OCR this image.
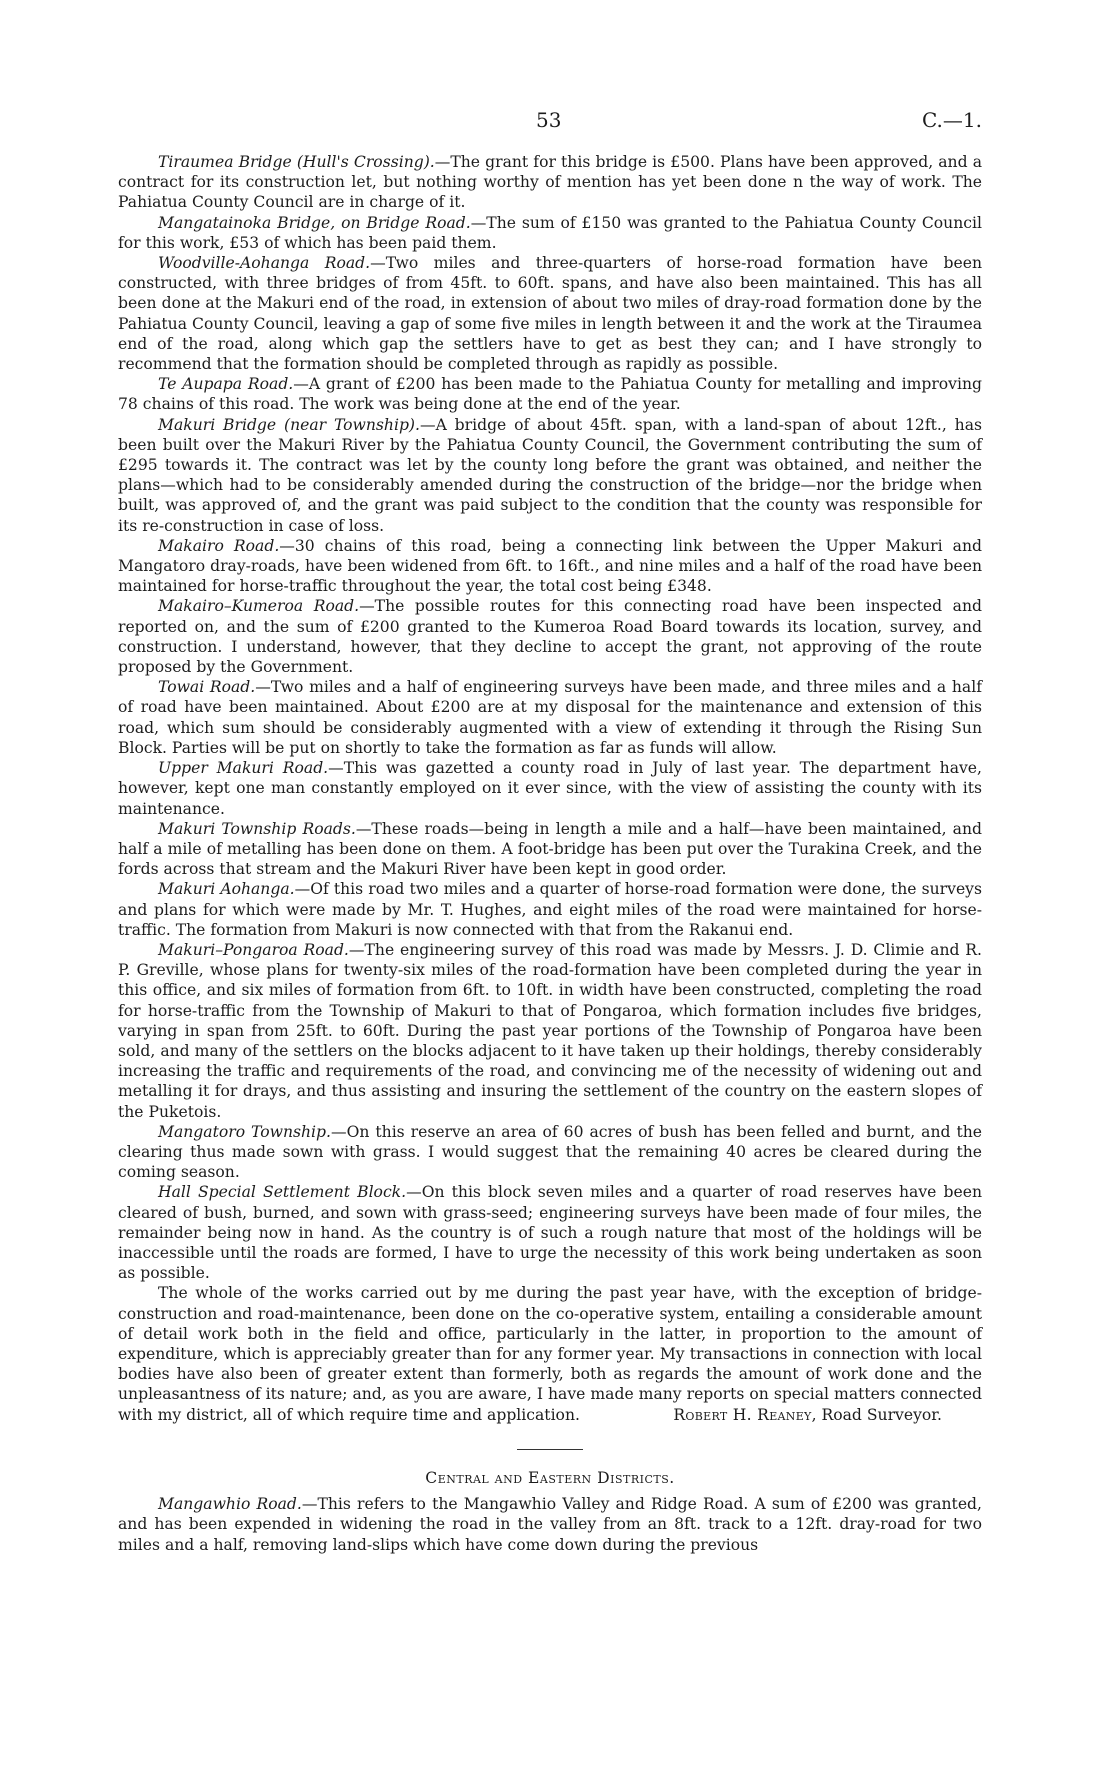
53	C.—1.

Tiraumea Bridge (Hull's Crossing).—The grant for this bridge is £500. Plans have been approved, and a contract for its construction let, but nothing worthy of mention has yet been done n the way of work. The Pahiatua County Council are in charge of it.

Mangatainoka Bridge, on Bridge Road.—The sum of £150 was granted to the Pahiatua County Council for this work, £53 of which has been paid them.

Woodville-Aohanga Road.—Two miles and three-quarters of horse-road formation have been constructed, with three bridges of from 45ft. to 60ft. spans, and have also been maintained. This has all been done at the Makuri end of the road, in extension of about two miles of dray-road formation done by the Pahiatua County Council, leaving a gap of some five miles in length between it and the work at the Tiraumea end of the road, along which gap the settlers have to get as best they can; and I have strongly to recommend that the formation should be completed through as rapidly as possible.

Te Aupapa Road.—A grant of £200 has been made to the Pahiatua County for metalling and improving 78 chains of this road. The work was being done at the end of the year.

Makuri Bridge (near Township).—A bridge of about 45ft. span, with a land-span of about 12ft., has been built over the Makuri River by the Pahiatua County Council, the Government contributing the sum of £295 towards it. The contract was let by the county long before the grant was obtained, and neither the plans—which had to be considerably amended during the construction of the bridge—nor the bridge when built, was approved of, and the grant was paid subject to the condition that the county was responsible for its re-construction in case of loss.

Makairo Road.—30 chains of this road, being a connecting link between the Upper Makuri and Mangatoro dray-roads, have been widened from 6ft. to 16ft., and nine miles and a half of the road have been maintained for horse-traffic throughout the year, the total cost being £348.

Makairo–Kumeroa Road.—The possible routes for this connecting road have been inspected and reported on, and the sum of £200 granted to the Kumeroa Road Board towards its location, survey, and construction. I understand, however, that they decline to accept the grant, not approving of the route proposed by the Government.

Towai Road.—Two miles and a half of engineering surveys have been made, and three miles and a half of road have been maintained. About £200 are at my disposal for the maintenance and extension of this road, which sum should be considerably augmented with a view of extending it through the Rising Sun Block. Parties will be put on shortly to take the formation as far as funds will allow.

Upper Makuri Road.—This was gazetted a county road in July of last year. The department have, however, kept one man constantly employed on it ever since, with the view of assisting the county with its maintenance.

Makuri Township Roads.—These roads—being in length a mile and a half—have been maintained, and half a mile of metalling has been done on them. A foot-bridge has been put over the Turakina Creek, and the fords across that stream and the Makuri River have been kept in good order.

Makuri Aohanga.—Of this road two miles and a quarter of horse-road formation were done, the surveys and plans for which were made by Mr. T. Hughes, and eight miles of the road were maintained for horse-traffic. The formation from Makuri is now connected with that from the Rakanui end.

Makuri–Pongaroa Road.—The engineering survey of this road was made by Messrs. J. D. Climie and R. P. Greville, whose plans for twenty-six miles of the road-formation have been completed during the year in this office, and six miles of formation from 6ft. to 10ft. in width have been constructed, completing the road for horse-traffic from the Township of Makuri to that of Pongaroa, which formation includes five bridges, varying in span from 25ft. to 60ft. During the past year portions of the Township of Pongaroa have been sold, and many of the settlers on the blocks adjacent to it have taken up their holdings, thereby considerably increasing the traffic and requirements of the road, and convincing me of the necessity of widening out and metalling it for drays, and thus assisting and insuring the settlement of the country on the eastern slopes of the Puketois.

Mangatoro Township.—On this reserve an area of 60 acres of bush has been felled and burnt, and the clearing thus made sown with grass. I would suggest that the remaining 40 acres be cleared during the coming season.

Hall Special Settlement Block.—On this block seven miles and a quarter of road reserves have been cleared of bush, burned, and sown with grass-seed; engineering surveys have been made of four miles, the remainder being now in hand. As the country is of such a rough nature that most of the holdings will be inaccessible until the roads are formed, I have to urge the necessity of this work being undertaken as soon as possible.

The whole of the works carried out by me during the past year have, with the exception of bridge-construction and road-maintenance, been done on the co-operative system, entailing a considerable amount of detail work both in the field and office, particularly in the latter, in proportion to the amount of expenditure, which is appreciably greater than for any former year. My transactions in connection with local bodies have also been of greater extent than formerly, both as regards the amount of work done and the unpleasantness of its nature; and, as you are aware, I have made many reports on special matters connected with my district, all of which require time and application.	Robert H. Reaney, Road Surveyor.
Central and Eastern Districts.

Mangawhio Road.—This refers to the Mangawhio Valley and Ridge Road. A sum of £200 was granted, and has been expended in widening the road in the valley from an 8ft. track to a 12ft. dray-road for two miles and a half, removing land-slips which have come down during the previous
